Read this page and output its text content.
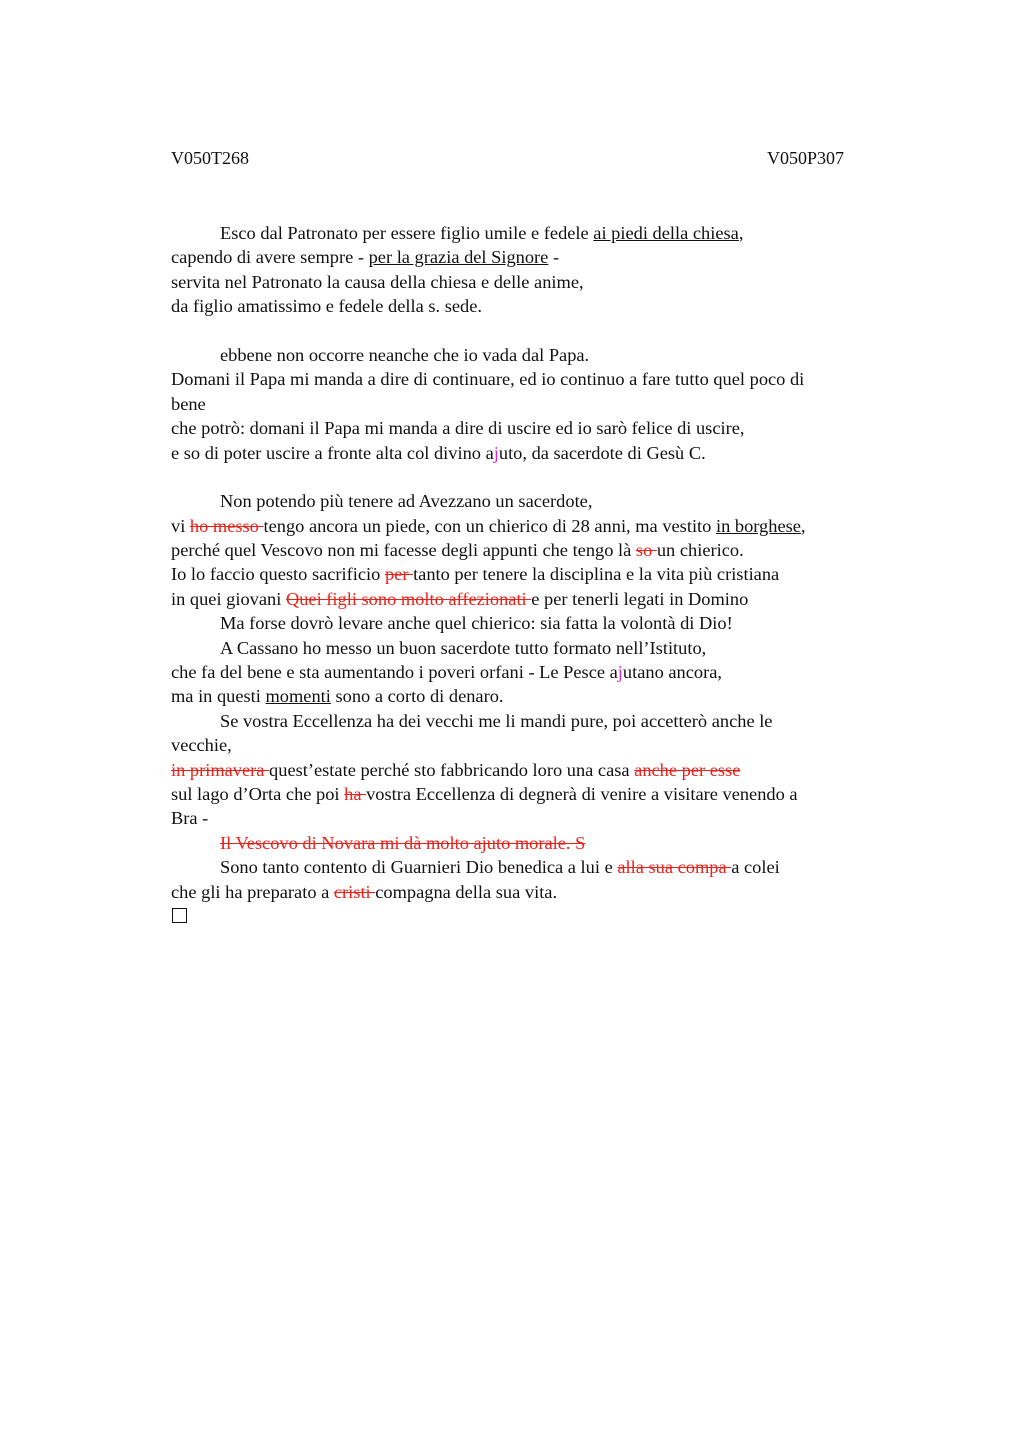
V050T268	V050P307
Esco dal Patronato per essere figlio umile e fedele ai piedi della chiesa,
capendo di avere sempre - per la grazia del Signore -
servita nel Patronato la causa della chiesa e delle anime,
da figlio amatissimo e fedele della s. sede.
ebbene non occorre neanche che io vada dal Papa.
Domani il Papa mi manda a dire di continuare, ed io continuo a fare tutto quel poco di
bene
che potrò: domani il Papa mi manda a dire di uscire ed io sarò felice di uscire,
e so di poter uscire a fronte alta col divino ajuto, da sacerdote di Gesù C.
Non potendo più tenere ad Avezzano un sacerdote,
vi ho messo tengo ancora un piede, con un chierico di 28 anni, ma vestito in borghese,
perché quel Vescovo non mi facesse degli appunti che tengo là so un chierico.
Io lo faccio questo sacrificio per tanto per tenere la disciplina e la vita più cristiana
in quei giovani Quei figli sono molto affezionati e per tenerli legati in Domino
Ma forse dovrò levare anche quel chierico: sia fatta la volontà di Dio!
A Cassano ho messo un buon sacerdote tutto formato nell’Istituto,
che fa del bene e sta aumentando i poveri orfani - Le Pesce ajutano ancora,
ma in questi momenti sono a corto di denaro.
Se vostra Eccellenza ha dei vecchi me li mandi pure, poi accetterò anche le
vecchie,
in primavera quest’estate perché sto fabbricando loro una casa anche per esse
sul lago d’Orta che poi ha vostra Eccellenza di degnerà di venire a visitare venendo a
Bra -
Il Vescovo di Novara mi dà molto ajuto morale. S
Sono tanto contento di Guarnieri Dio benedica a lui e alla sua compa a colei
che gli ha preparato a cristi compagna della sua vita.
